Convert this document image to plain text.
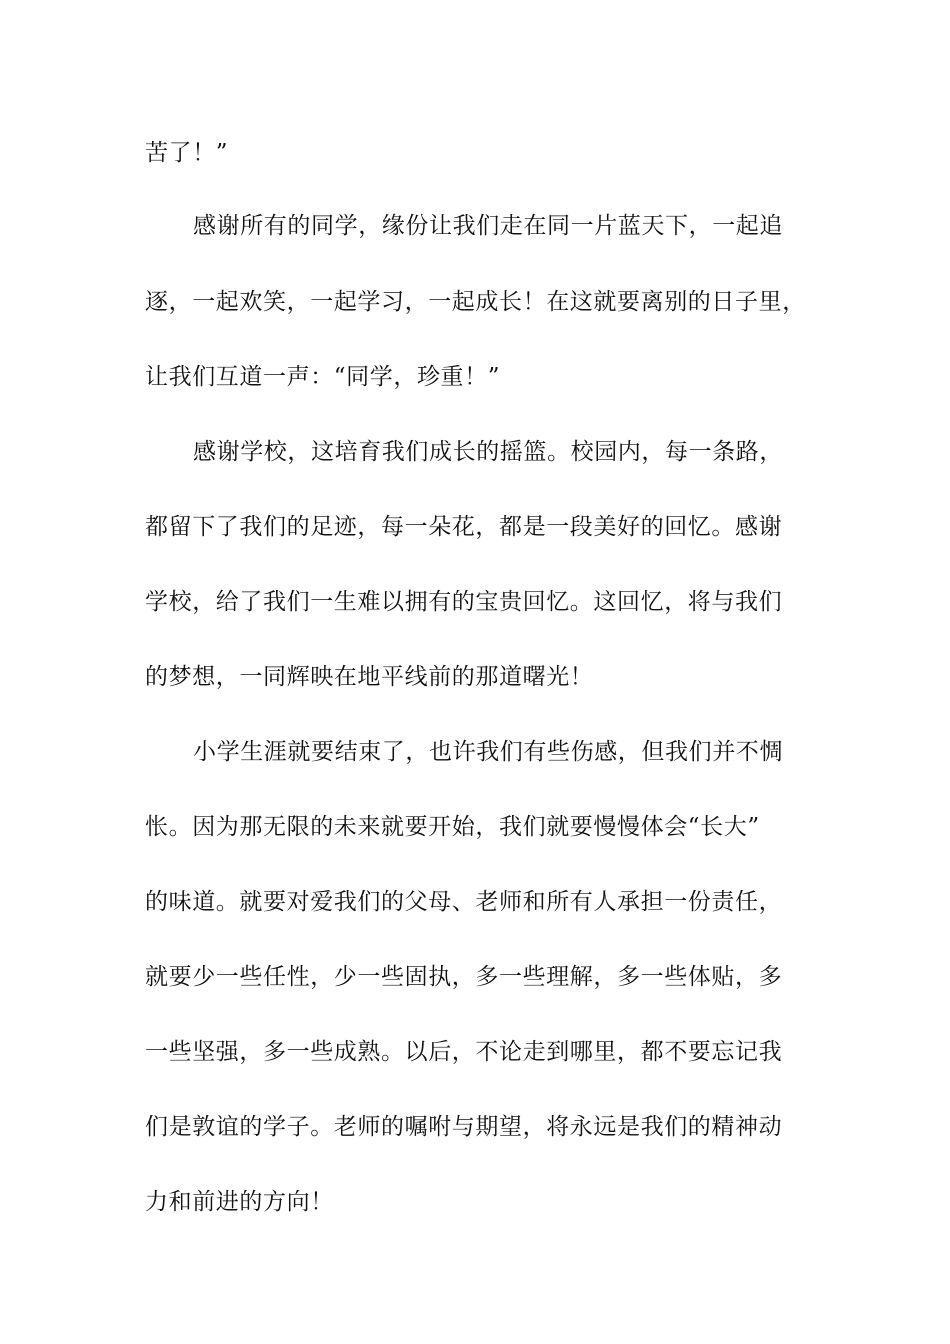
苦了！”
感谢所有的同学，缘份让我们走在同一片蓝天下，一起追
逐，一起欢笑，一起学习，一起成长！在这就要离别的日子里，
让我们互道一声：“同学，珍重！”
感谢学校，这培育我们成长的摇篮。校园内，每一条路，
都留下了我们的足迹，每一朵花，都是一段美好的回忆。感谢
学校，给了我们一生难以拥有的宝贵回忆。这回忆，将与我们
的梦想，一同辉映在地平线前的那道曙光！
小学生涯就要结束了，也许我们有些伤感，但我们并不惆
怅。因为那无限的未来就要开始，我们就要慢慢体会“长大”
的味道。就要对爱我们的父母、老师和所有人承担一份责任，
就要少一些任性，少一些固执，多一些理解，多一些体贴，多
一些坚强，多一些成熟。以后，不论走到哪里，都不要忘记我
们是敦谊的学子。老师的嘱咐与期望，将永远是我们的精神动
力和前进的方向！
